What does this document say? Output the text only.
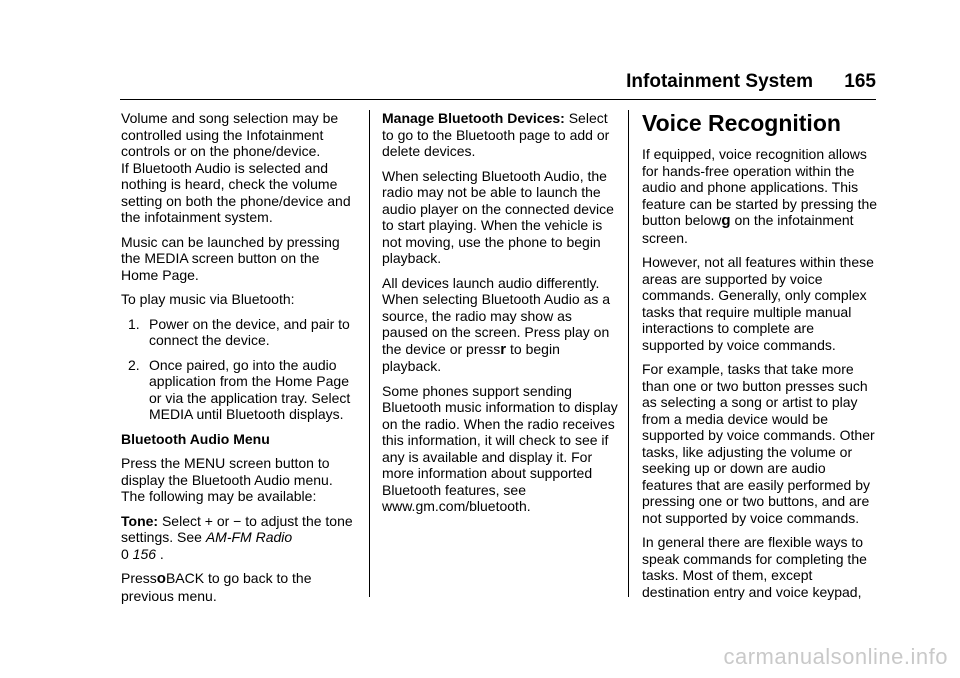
Infotainment System 165

Volume and song selection may be controlled using the Infotainment controls or on the phone/device.

If Bluetooth Audio is selected and nothing is heard, check the volume setting on both the phone/device and the infotainment system.

Music can be launched by pressing the MEDIA screen button on the Home Page.

To play music via Bluetooth:

1. Power on the device, and pair to connect the device.
2. Once paired, go into the audio application from the Home Page or via the application tray. Select MEDIA until Bluetooth displays.

Bluetooth Audio Menu

Press the MENU screen button to display the Bluetooth Audio menu. The following may be available:

Tone: Select + or − to adjust the tone settings. See AM-FM Radio
0 156 .

PressoBACK to go back to the previous menu.

Manage Bluetooth Devices: Select to go to the Bluetooth page to add or delete devices.

When selecting Bluetooth Audio, the radio may not be able to launch the audio player on the connected device to start playing. When the vehicle is not moving, use the phone to begin playback.

All devices launch audio differently. When selecting Bluetooth Audio as a source, the radio may show as paused on the screen. Press play on the device or pressr to begin playback.

Some phones support sending Bluetooth music information to display on the radio. When the radio receives this information, it will check to see if any is available and display it. For more information about supported Bluetooth features, see www.gm.com/bluetooth.

Voice Recognition

If equipped, voice recognition allows for hands-free operation within the audio and phone applications. This feature can be started by pressing the button belowg on the infotainment screen.

However, not all features within these areas are supported by voice commands. Generally, only complex tasks that require multiple manual interactions to complete are supported by voice commands.

For example, tasks that take more than one or two button presses such as selecting a song or artist to play from a media device would be supported by voice commands. Other tasks, like adjusting the volume or seeking up or down are audio features that are easily performed by pressing one or two buttons, and are not supported by voice commands.

In general there are flexible ways to speak commands for completing the tasks. Most of them, except destination entry and voice keypad,

carmanualsonline.info
